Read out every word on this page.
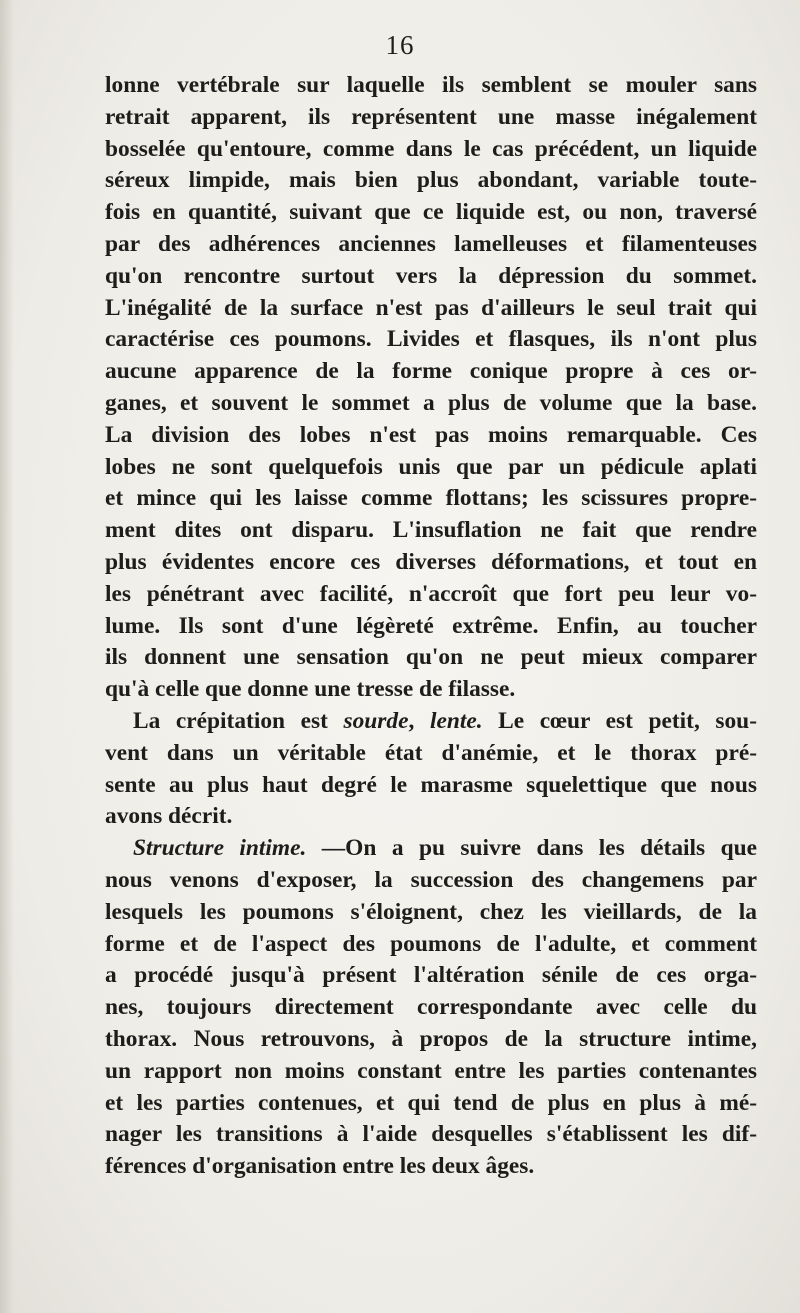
16
lonne vertébrale sur laquelle ils semblent se mouler sans
retrait apparent, ils représentent une masse inégalement
bosselée qu'entoure, comme dans le cas précédent, un liquide
séreux limpide, mais bien plus abondant, variable toute-
fois en quantité, suivant que ce liquide est, ou non, traversé
par des adhérences anciennes lamelleuses et filamenteuses
qu'on rencontre surtout vers la dépression du sommet.
L'inégalité de la surface n'est pas d'ailleurs le seul trait qui
caractérise ces poumons. Livides et flasques, ils n'ont plus
aucune apparence de la forme conique propre à ces or-
ganes, et souvent le sommet a plus de volume que la base.
La division des lobes n'est pas moins remarquable. Ces
lobes ne sont quelquefois unis que par un pédicule aplati
et mince qui les laisse comme flottans; les scissures propre-
ment dites ont disparu. L'insuflation ne fait que rendre
plus évidentes encore ces diverses déformations, et tout en
les pénétrant avec facilité, n'accroît que fort peu leur vo-
lume. Ils sont d'une légèreté extrême. Enfin, au toucher
ils donnent une sensation qu'on ne peut mieux comparer
qu'à celle que donne une tresse de filasse.
La crépitation est sourde, lente. Le cœur est petit, sou-
vent dans un véritable état d'anémie, et le thorax pré-
sente au plus haut degré le marasme squelettique que nous
avons décrit.
Structure intime. —On a pu suivre dans les détails que
nous venons d'exposer, la succession des changemens par
lesquels les poumons s'éloignent, chez les vieillards, de la
forme et de l'aspect des poumons de l'adulte, et comment
a procédé jusqu'à présent l'altération sénile de ces orga-
nes, toujours directement correspondante avec celle du
thorax. Nous retrouvons, à propos de la structure intime,
un rapport non moins constant entre les parties contenantes
et les parties contenues, et qui tend de plus en plus à mé-
nager les transitions à l'aide desquelles s'établissent les dif-
férences d'organisation entre les deux âges.
